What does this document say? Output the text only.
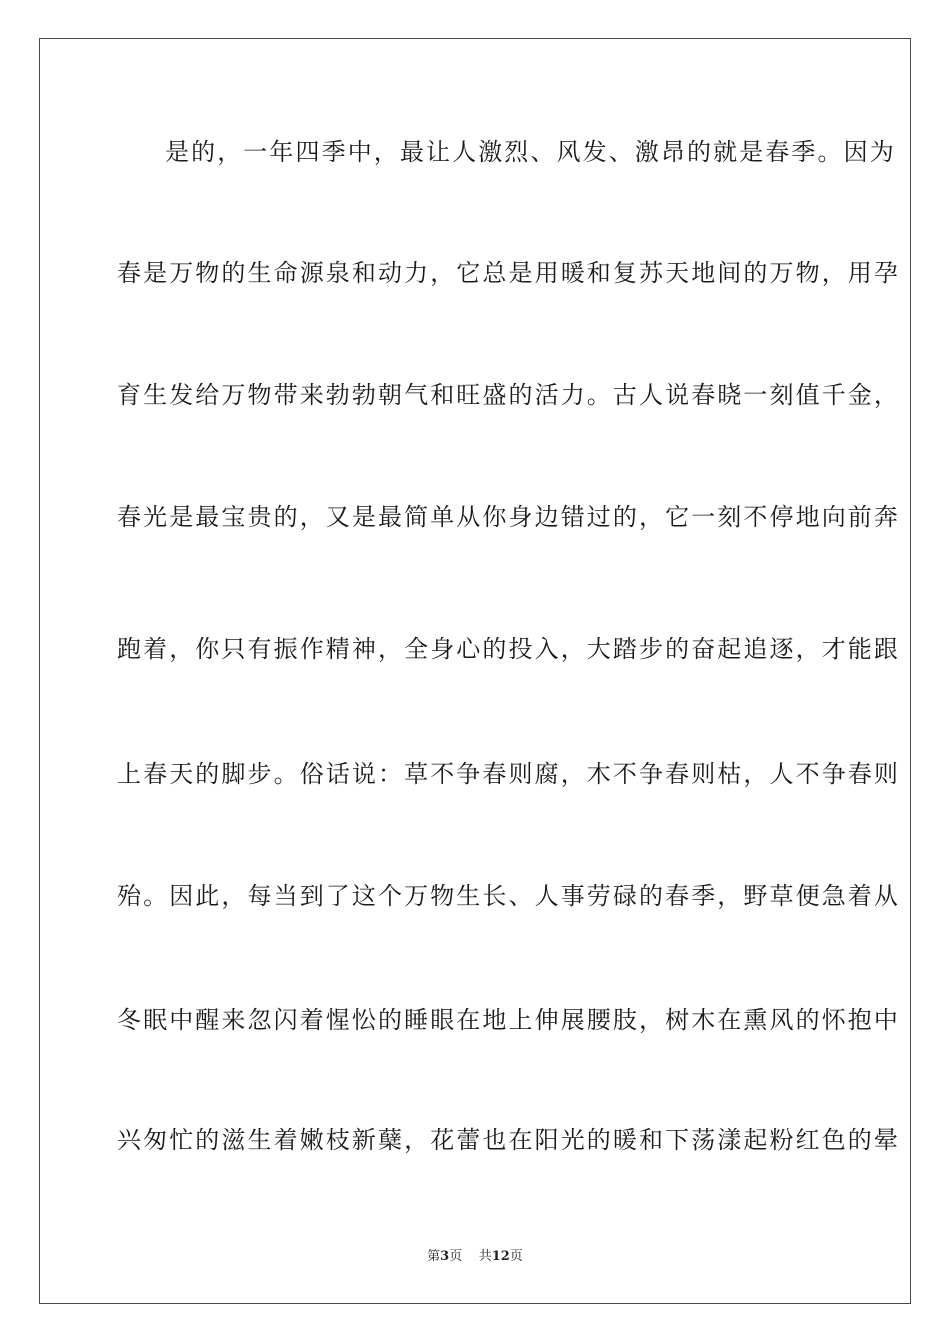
是的，一年四季中，最让人激烈、风发、激昂的就是春季。因为
春是万物的生命源泉和动力，它总是用暖和复苏天地间的万物，用孕
育生发给万物带来勃勃朝气和旺盛的活力。古人说春晓一刻值千金，
春光是最宝贵的，又是最简单从你身边错过的，它一刻不停地向前奔
跑着，你只有振作精神，全身心的投入，大踏步的奋起追逐，才能跟
上春天的脚步。俗话说：草不争春则腐，木不争春则枯，人不争春则
殆。因此，每当到了这个万物生长、人事劳碌的春季，野草便急着从
冬眠中醒来忽闪着惺忪的睡眼在地上伸展腰肢，树木在熏风的怀抱中
兴匆忙的滋生着嫩枝新蘖，花蕾也在阳光的暖和下荡漾起粉红色的晕
第3页 共12页
